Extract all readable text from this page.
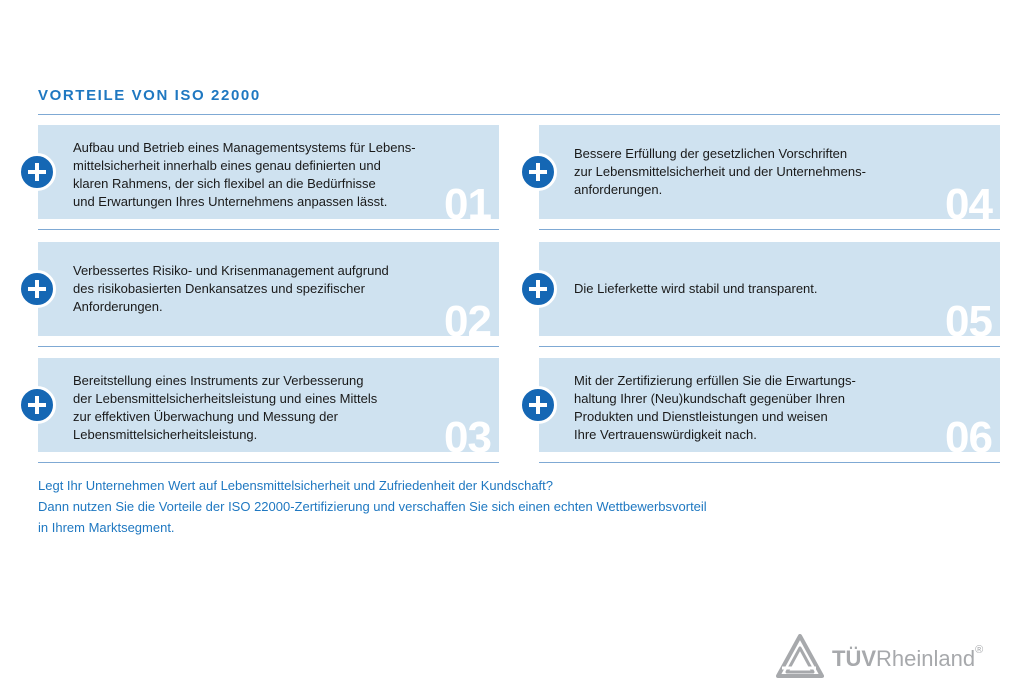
VORTEILE VON ISO 22000
Aufbau und Betrieb eines Managementsystems für Lebens-
mittelsicherheit innerhalb eines genau definierten und
klaren Rahmens, der sich flexibel an die Bedürfnisse
und Erwartungen Ihres Unternehmens anpassen lässt.	01
Verbessertes Risiko- und Krisenmanagement aufgrund
des risikobasierten Denkansatzes und spezifischer
Anforderungen.	02
Bereitstellung eines Instruments zur Verbesserung
der Lebensmittelsicherheitsleistung und eines Mittels
zur effektiven Überwachung und Messung der
Lebensmittelsicherheitsleistung.	03
Bessere Erfüllung der gesetzlichen Vorschriften
zur Lebensmittelsicherheit und der Unternehmens-
anforderungen.	04
Die Lieferkette wird stabil und transparent.
05
Mit der Zertifizierung erfüllen Sie die Erwartungs-
haltung Ihrer (Neu)kundschaft gegenüber Ihren
Produkten und Dienstleistungen und weisen
Ihre Vertrauenswürdigkeit nach.	06
Legt Ihr Unternehmen Wert auf Lebensmittelsicherheit und Zufriedenheit der Kundschaft?
Dann nutzen Sie die Vorteile der ISO 22000-Zertifizierung und verschaffen Sie sich einen echten Wettbewerbsvorteil
in Ihrem Marktsegment.
TÜVRheinland®
